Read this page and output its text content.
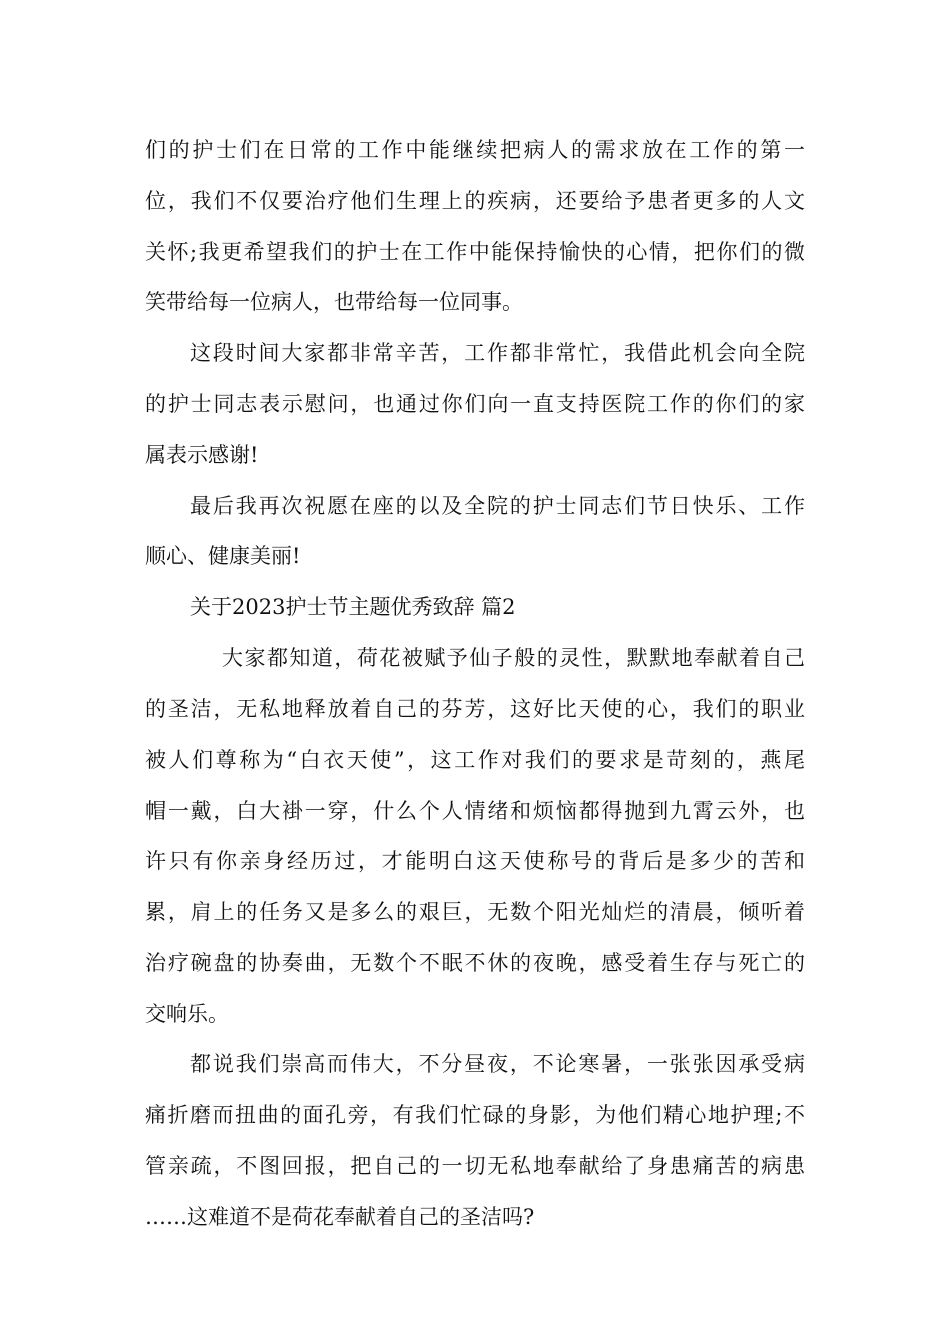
们的护士们在日常的工作中能继续把病人的需求放在工作的第一

位，我们不仅要治疗他们生理上的疾病，还要给予患者更多的人文

关怀;我更希望我们的护士在工作中能保持愉快的心情，把你们的微

笑带给每一位病人，也带给每一位同事。

这段时间大家都非常辛苦，工作都非常忙，我借此机会向全院

的护士同志表示慰问，也通过你们向一直支持医院工作的你们的家

属表示感谢!

最后我再次祝愿在座的以及全院的护士同志们节日快乐、工作

顺心、健康美丽!

关于2023护士节主题优秀致辞 篇2

大家都知道，荷花被赋予仙子般的灵性，默默地奉献着自己

的圣洁，无私地释放着自己的芬芳，这好比天使的心，我们的职业

被人们尊称为“白衣天使”，这工作对我们的要求是苛刻的，燕尾

帽一戴，白大褂一穿，什么个人情绪和烦恼都得抛到九霄云外，也

许只有你亲身经历过，才能明白这天使称号的背后是多少的苦和

累，肩上的任务又是多么的艰巨，无数个阳光灿烂的清晨，倾听着

治疗碗盘的协奏曲，无数个不眠不休的夜晚，感受着生存与死亡的

交响乐。

都说我们崇高而伟大，不分昼夜，不论寒暑，一张张因承受病

痛折磨而扭曲的面孔旁，有我们忙碌的身影，为他们精心地护理;不

管亲疏，不图回报，把自己的一切无私地奉献给了身患痛苦的病患

……这难道不是荷花奉献着自己的圣洁吗?
